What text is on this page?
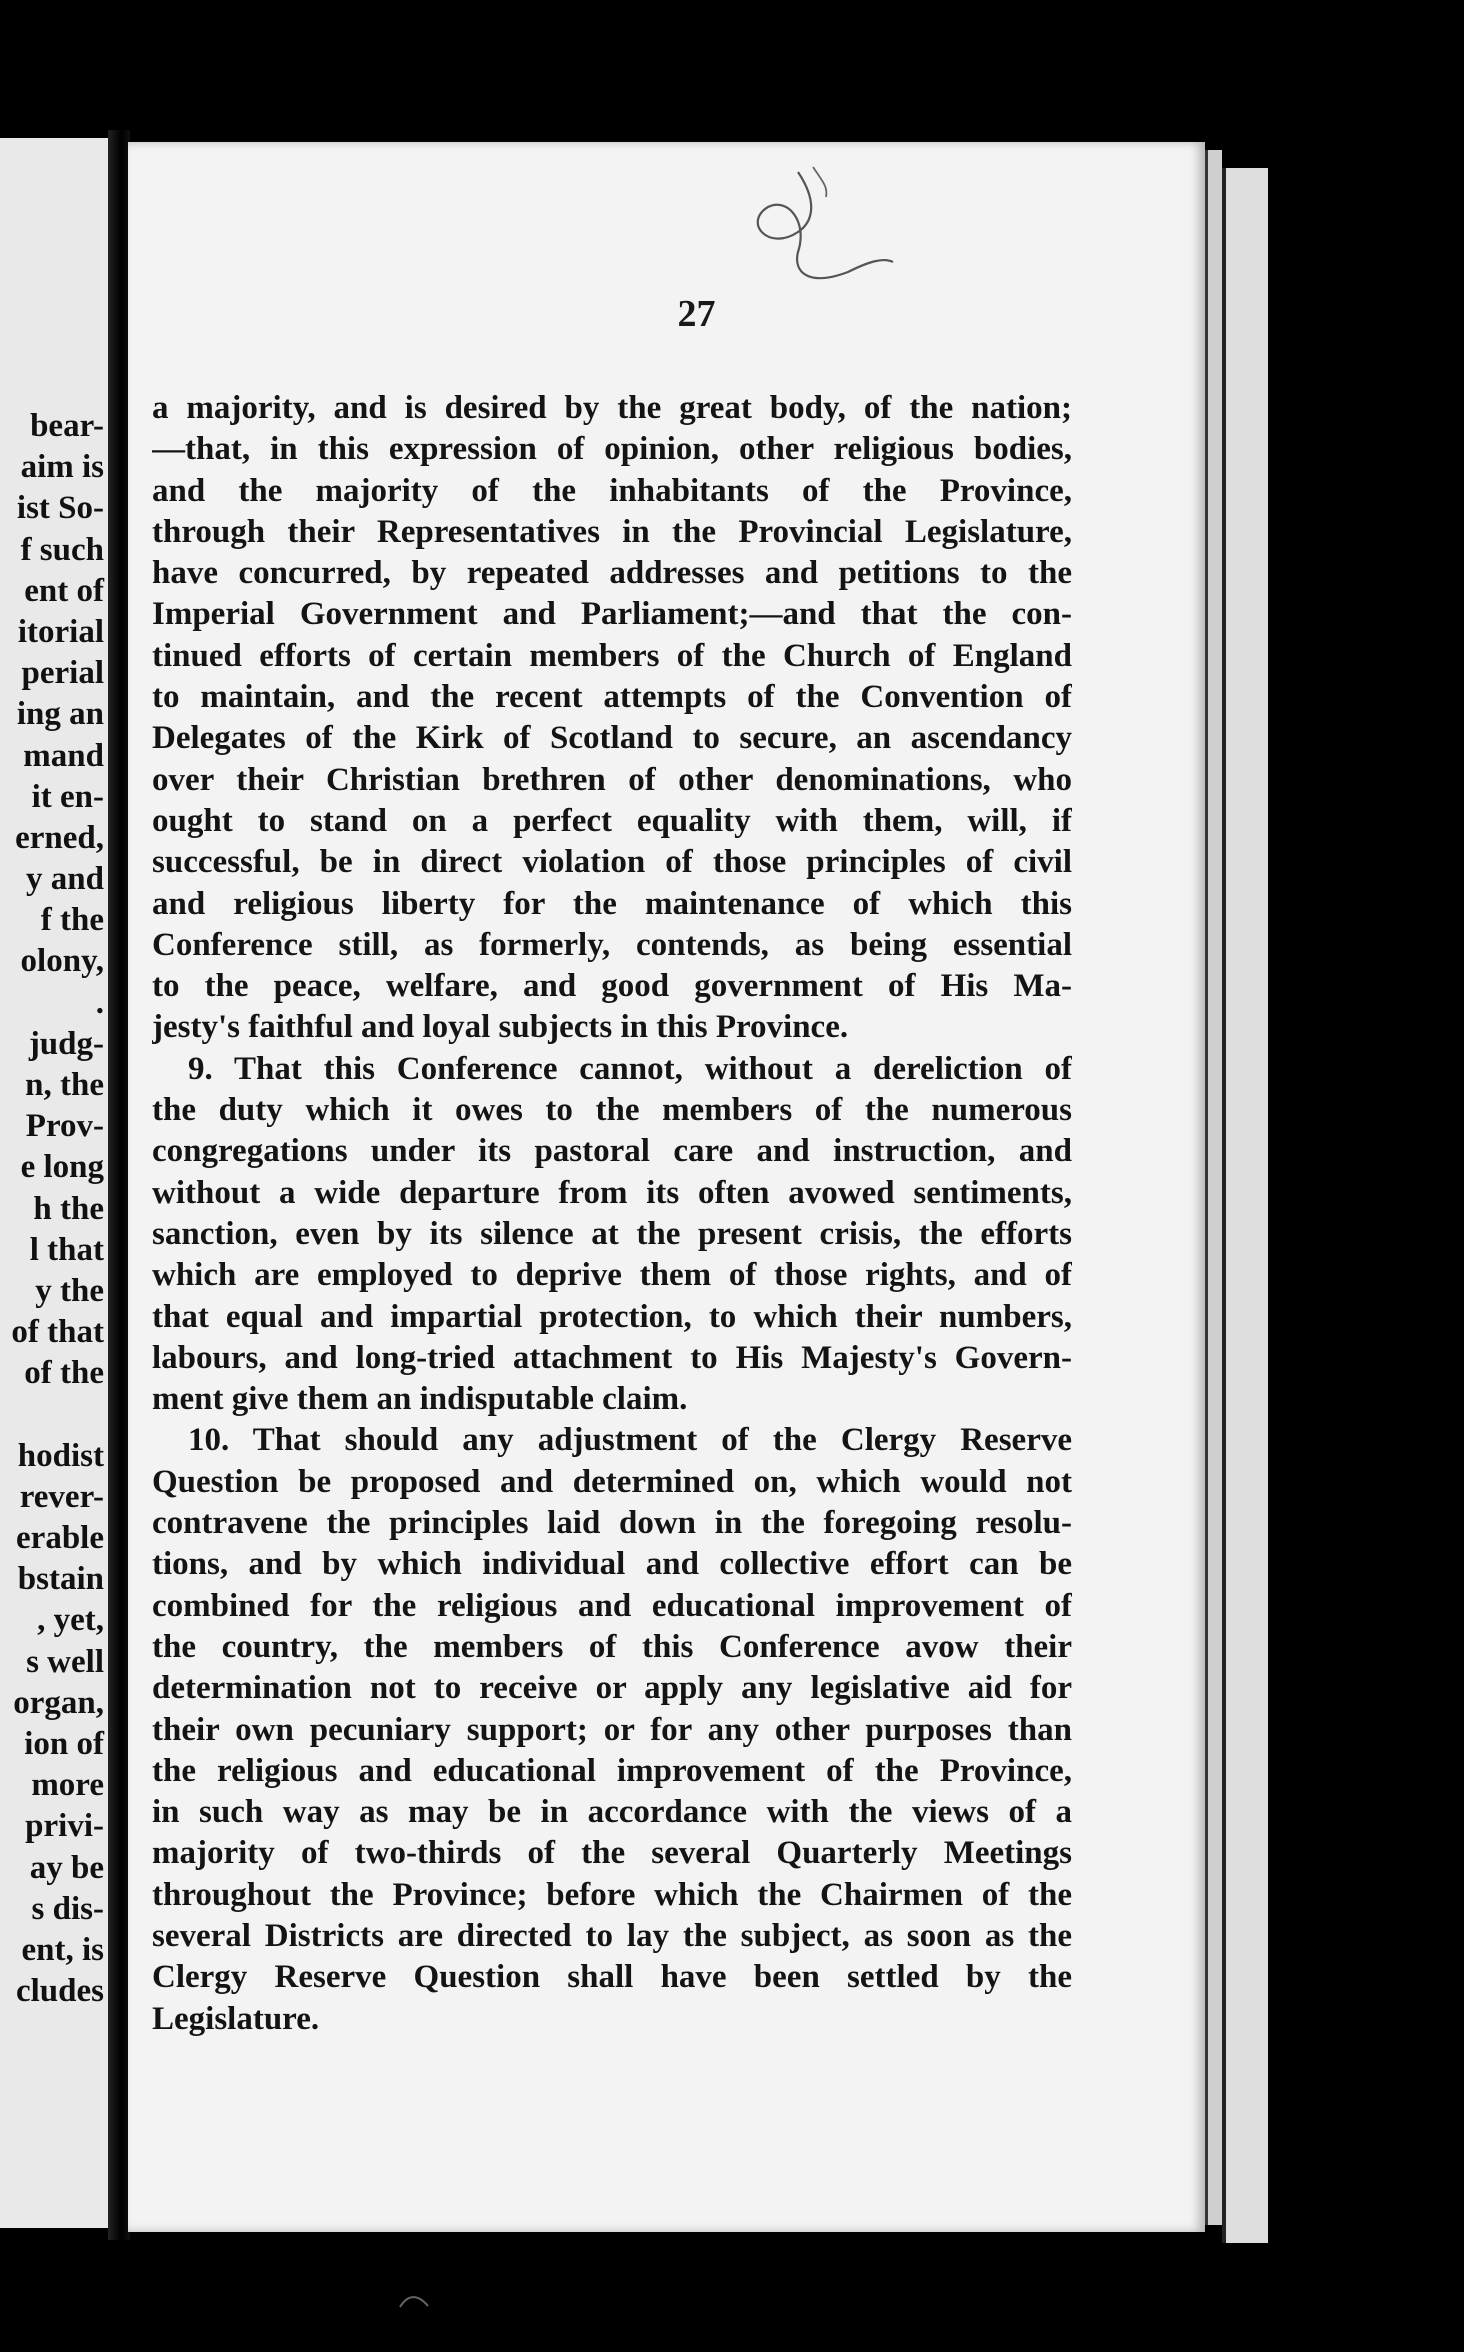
bear-
aim is
ist So-
f such
ent of
itorial
perial
ing an
mand
it en-
erned,
y and
f the
olony,
.
judg-
n, the
Prov-
e long
h the
l that
y the
of that
of the
hodist
rever-
erable
bstain
, yet,
s well
organ,
ion of
more
privi-
ay be
s dis-
ent, is
cludes
27
a majority, and is desired by the great body, of the nation;
—that, in this expression of opinion, other religious bodies,
and the majority of the inhabitants of the Province,
through their Representatives in the Provincial Legislature,
have concurred, by repeated addresses and petitions to the
Imperial Government and Parliament;—and that the con-
tinued efforts of certain members of the Church of England
to maintain, and the recent attempts of the Convention of
Delegates of the Kirk of Scotland to secure, an ascendancy
over their Christian brethren of other denominations, who
ought to stand on a perfect equality with them, will, if
successful, be in direct violation of those principles of civil
and religious liberty for the maintenance of which this
Conference still, as formerly, contends, as being essential
to the peace, welfare, and good government of His Ma-
jesty's faithful and loyal subjects in this Province.
9. That this Conference cannot, without a dereliction of
the duty which it owes to the members of the numerous
congregations under its pastoral care and instruction, and
without a wide departure from its often avowed sentiments,
sanction, even by its silence at the present crisis, the efforts
which are employed to deprive them of those rights, and of
that equal and impartial protection, to which their numbers,
labours, and long-tried attachment to His Majesty's Govern-
ment give them an indisputable claim.
10. That should any adjustment of the Clergy Reserve
Question be proposed and determined on, which would not
contravene the principles laid down in the foregoing resolu-
tions, and by which individual and collective effort can be
combined for the religious and educational improvement of
the country, the members of this Conference avow their
determination not to receive or apply any legislative aid for
their own pecuniary support; or for any other purposes than
the religious and educational improvement of the Province,
in such way as may be in accordance with the views of a
majority of two-thirds of the several Quarterly Meetings
throughout the Province; before which the Chairmen of the
several Districts are directed to lay the subject, as soon as the
Clergy Reserve Question shall have been settled by the
Legislature.
